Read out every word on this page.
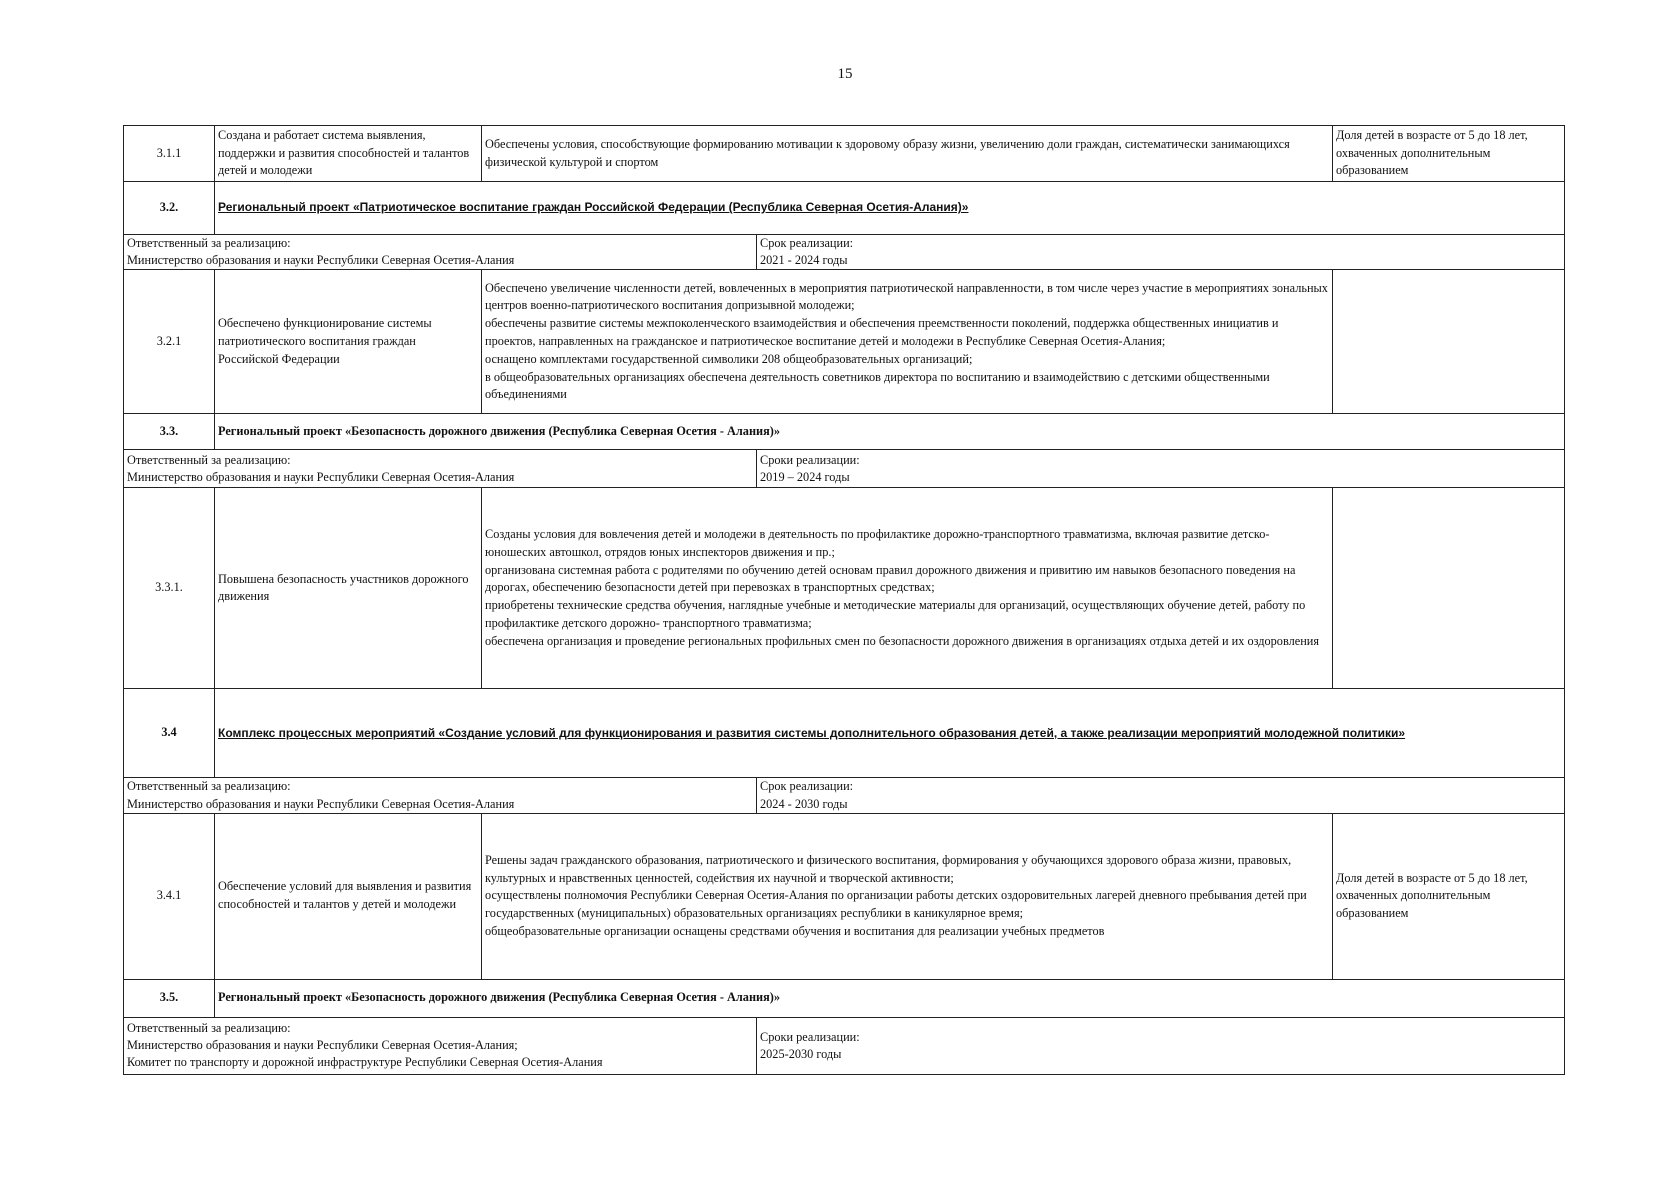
15
3.1.1	Создана и работает система выявления, поддержки и развития способностей и талантов детей и молодежи	Обеспечены условия, способствующие формированию мотивации к здоровому образу жизни, увеличению доли граждан, систематически занимающихся физической культурой и спортом		Доля детей в возрасте от 5 до 18 лет, охваченных дополнительным образованием
3.2.	Региональный проект «Патриотическое воспитание граждан Российской Федерации (Республика Северная Осетия-Алания)»			

Ответственный за реализацию:
Министерство образования и науки Республики Северная Осетия-Алания			Срок реализации:
2021 - 2024 годы	

3.2.1	Обеспечено функционирование системы патриотического воспитания граждан Российской Федерации	Обеспечено увеличение численности детей, вовлеченных в мероприятия патриотической направленности, в том числе через участие в мероприятиях зональных центров военно-патриотического воспитания допризывной молодежи;
обеспечены развитие системы межпоколенческого взаимодействия и обеспечения преемственности поколений, поддержка общественных инициатив и проектов, направленных на гражданское и патриотическое воспитание детей и молодежи в Республике Северная Осетия-Алания;
оснащено комплектами государственной символики 208 общеобразовательных организаций;
в общеобразовательных организациях обеспечена деятельность советников директора по воспитанию и взаимодействию с детскими общественными объединениями		

3.3.	Региональный проект «Безопасность дорожного движения (Республика Северная Осетия - Алания)»			

Ответственный за реализацию:
Министерство образования и науки Республики Северная Осетия-Алания			Сроки реализации:
2019 – 2024 годы	

3.3.1.	Повышена безопасность участников дорожного движения	Созданы условия для вовлечения детей и молодежи в деятельность по профилактике дорожно-транспортного травматизма, включая развитие детско-юношеских автошкол, отрядов юных инспекторов движения и пр.;
организована системная работа с родителями по обучению детей основам правил дорожного движения и привитию им навыков безопасного поведения на дорогах, обеспечению безопасности детей при перевозках в транспортных средствах;
приобретены технические средства обучения, наглядные учебные и методические материалы для организаций, осуществляющих обучение детей, работу по профилактике детского дорожно- транспортного травматизма;
обеспечена организация и проведение региональных профильных смен по безопасности дорожного движения в организациях отдыха детей и их оздоровления		

3.4	Комплекс процессных мероприятий «Создание условий для функционирования и развития системы дополнительного образования детей, а также реализации мероприятий молодежной политики»			

Ответственный за реализацию:
Министерство образования и науки Республики Северная Осетия-Алания			Срок реализации:
2024 - 2030 годы	

3.4.1	Обеспечение условий для выявления и развития способностей и талантов у детей и молодежи	Решены задач гражданского образования, патриотического и физического воспитания, формирования у обучающихся здорового образа жизни, правовых, культурных и нравственных ценностей, содействия их научной и творческой активности;
осуществлены полномочия Республики Северная Осетия-Алания по организации работы детских оздоровительных лагерей дневного пребывания детей при государственных (муниципальных) образовательных организациях республики в каникулярное время;
общеобразовательные организации оснащены средствами обучения и воспитания для реализации учебных предметов		Доля детей в возрасте от 5 до 18 лет, охваченных дополнительным образованием
3.5.	Региональный проект «Безопасность дорожного движения (Республика Северная Осетия - Алания)»			

Ответственный за реализацию:
Министерство образования и науки Республики Северная Осетия-Алания;
Комитет по транспорту и дорожной инфраструктуре Республики Северная Осетия-Алания			Сроки реализации:
2025-2030 годы	
